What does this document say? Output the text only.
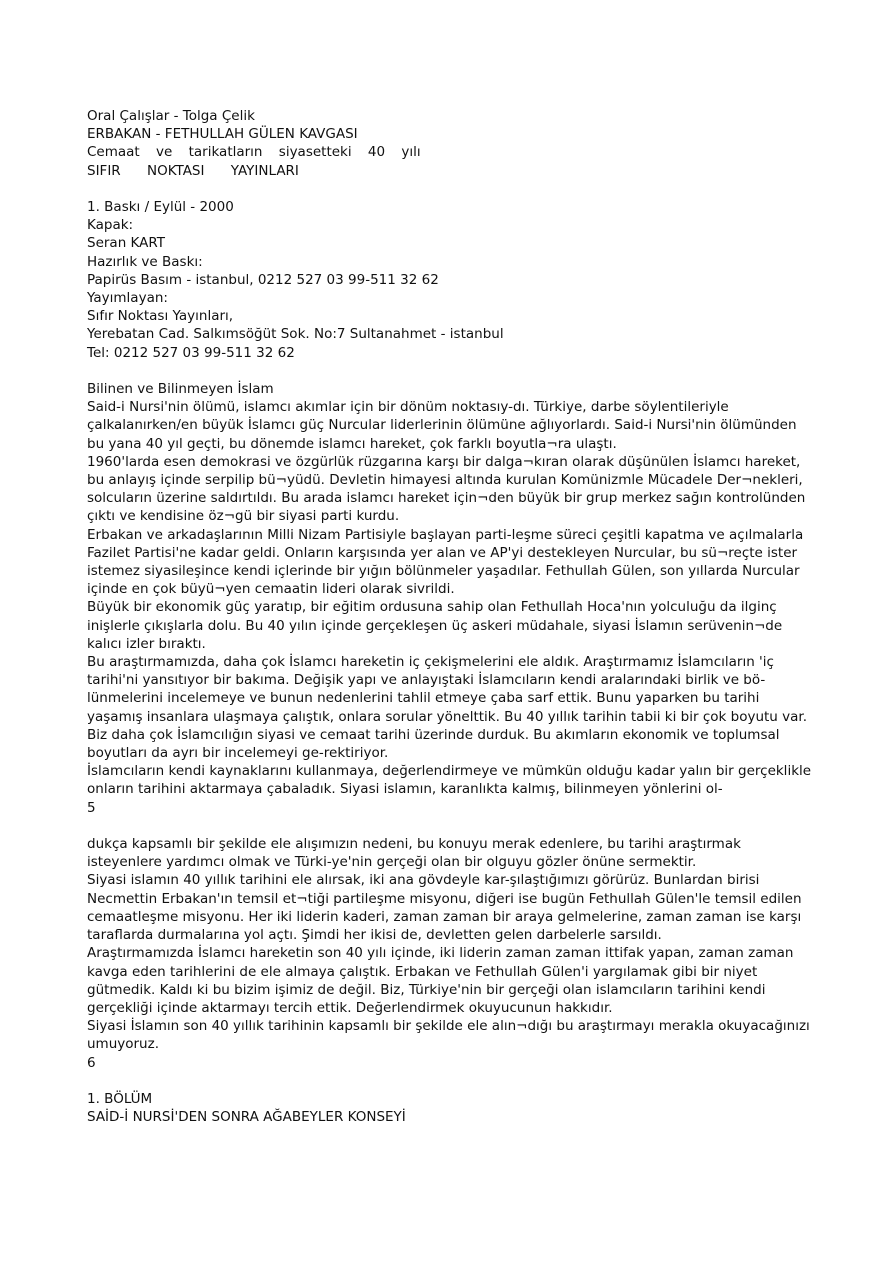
Oral Çalışlar - Tolga Çelik
ERBAKAN - FETHULLAH GÜLEN KAVGASI
Cemaat ve tarikatların siyasetteki 40 yılı
SIFIR NOKTASI YAYINLARI
1. Baskı / Eylül - 2000
Kapak:
Seran KART
Hazırlık ve Baskı:
Papirüs Basım - istanbul, 0212 527 03 99-511 32 62
Yayımlayan:
Sıfır Noktası Yayınları,
Yerebatan Cad. Salkımsöğüt Sok. No:7 Sultanahmet - istanbul
Tel: 0212 527 03 99-511 32 62
Bilinen ve Bilinmeyen İslam

Said-i Nursi'nin ölümü, islamcı akımlar için bir dönüm noktasıy-dı. Türkiye, darbe söylentileriyle çalkalanırken/en büyük İslamcı güç Nurcular liderlerinin ölümüne ağlıyorlardı. Said-i Nursi'nin ölümünden bu yana 40 yıl geçti, bu dönemde islamcı hareket, çok farklı boyutla¬ra ulaştı.

1960'larda esen demokrasi ve özgürlük rüzgarına karşı bir dalga¬kıran olarak düşünülen İslamcı hareket, bu anlayış içinde serpilip bü¬yüdü. Devletin himayesi altında kurulan Komünizmle Mücadele Der¬nekleri, solcuların üzerine saldırtıldı. Bu arada islamcı hareket için¬den büyük bir grup merkez sağın kontrolünden çıktı ve kendisine öz¬gü bir siyasi parti kurdu.

Erbakan ve arkadaşlarının Milli Nizam Partisiyle başlayan parti-leşme süreci çeşitli kapatma ve açılmalarla Fazilet Partisi'ne kadar geldi. Onların karşısında yer alan ve AP'yi destekleyen Nurcular, bu sü¬reçte ister istemez siyasileşince kendi içlerinde bir yığın bölünmeler yaşadılar. Fethullah Gülen, son yıllarda Nurcular içinde en çok büyü¬yen cemaatin lideri olarak sivrildi.

Büyük bir ekonomik güç yaratıp, bir eğitim ordusuna sahip olan Fethullah Hoca'nın yolculuğu da ilginç inişlerle çıkışlarla dolu. Bu 40 yılın içinde gerçekleşen üç askeri müdahale, siyasi İslamın serüvenin¬de kalıcı izler bıraktı.

Bu araştırmamızda, daha çok İslamcı hareketin iç çekişmelerini ele aldık. Araştırmamız İslamcıların 'iç tarihi'ni yansıtıyor bir bakıma. Değişik yapı ve anlayıştaki İslamcıların kendi aralarındaki birlik ve bö-lünmelerini incelemeye ve bunun nedenlerini tahlil etmeye çaba sarf ettik. Bunu yaparken bu tarihi yaşamış insanlara ulaşmaya çalıştık, onlara sorular yönelttik. Bu 40 yıllık tarihin tabii ki bir çok boyutu var. Biz daha çok İslamcılığın siyasi ve cemaat tarihi üzerinde durduk. Bu akımların ekonomik ve toplumsal boyutları da ayrı bir incelemeyi ge-rektiriyor.

İslamcıların kendi kaynaklarını kullanmaya, değerlendirmeye ve mümkün olduğu kadar yalın bir gerçeklikle onların tarihini aktarmaya çabaladık. Siyasi islamın, karanlıkta kalmış, bilinmeyen yönlerini ol-

5

dukça kapsamlı bir şekilde ele alışımızın nedeni, bu konuyu merak edenlere, bu tarihi araştırmak isteyenlere yardımcı olmak ve Türki-ye'nin gerçeği olan bir olguyu gözler önüne sermektir.

Siyasi islamın 40 yıllık tarihini ele alırsak, iki ana gövdeyle kar-şılaştığımızı görürüz. Bunlardan birisi Necmettin Erbakan'ın temsil et¬tiği partileşme misyonu, diğeri ise bugün Fethullah Gülen'le temsil edilen cemaatleşme misyonu. Her iki liderin kaderi, zaman zaman bir araya gelmelerine, zaman zaman ise karşı taraflarda durmalarına yol açtı. Şimdi her ikisi de, devletten gelen darbelerle sarsıldı.

Araştırmamızda İslamcı hareketin son 40 yılı içinde, iki liderin zaman zaman ittifak yapan, zaman zaman kavga eden tarihlerini de ele almaya çalıştık. Erbakan ve Fethullah Gülen'i yargılamak gibi bir niyet gütmedik. Kaldı ki bu bizim işimiz de değil. Biz, Türkiye'nin bir gerçeği olan islamcıların tarihini kendi gerçekliği içinde aktarmayı tercih ettik. Değerlendirmek okuyucunun hakkıdır.

Siyasi İslamın son 40 yıllık tarihinin kapsamlı bir şekilde ele alın¬dığı bu araştırmayı merakla okuyacağınızı umuyoruz.

6
1. BÖLÜM
SAİD-İ NURSİ'DEN SONRA AĞABEYLER KONSEYİ
